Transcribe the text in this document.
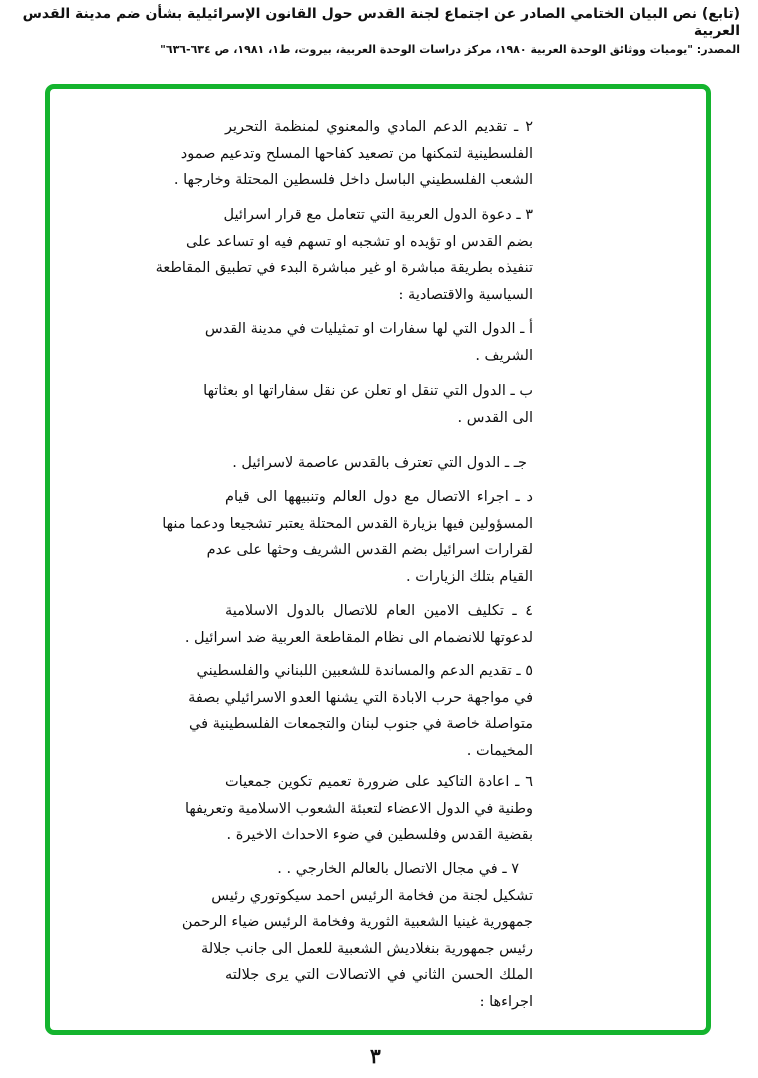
(تابع) نص البيان الختامي الصادر عن اجتماع لجنة القدس حول القانون الإسرائيلية بشأن ضم مدينة القدس العربية
المصدر: "يوميات ووثائق الوحدة العربية ١٩٨٠، مركز دراسات الوحدة العربية، بيروت، ط١، ١٩٨١، ص ٦٣٤-٦٣٦"
٢ ـ تقديم الدعم المادي والمعنوي لمنظمة التحرير
الفلسطينية لتمكنها من تصعيد كفاحها المسلح وتدعيم صمود
الشعب الفلسطيني الباسل داخل فلسطين المحتلة وخارجها .
٣ ـ دعوة الدول العربية التي تتعامل مع قرار اسرائيل
بضم القدس او تؤيده او تشجبه او تسهم فيه او تساعد على
تنفيذه بطريقة مباشرة او غير مباشرة البدء في تطبيق المقاطعة
السياسية والاقتصادية :
أ ـ الدول التي لها سفارات او تمثيليات في مدينة القدس
الشريف .
ب ـ الدول التي تنقل او تعلن عن نقل سفاراتها او بعثاتها
الى القدس .
جـ ـ الدول التي تعترف بالقدس عاصمة لاسرائيل .
د ـ اجراء الاتصال مع دول العالم وتنبيهها الى قيام
المسؤولين فيها بزيارة القدس المحتلة يعتبر تشجيعا ودعما منها
لقرارات اسرائيل بضم القدس الشريف وحثها على عدم
القيام بتلك الزيارات .
٤ ـ تكليف الامين العام للاتصال بالدول الاسلامية
لدعوتها للانضمام الى نظام المقاطعة العربية ضد اسرائيل .
٥ ـ تقديم الدعم والمساندة للشعبين اللبناني والفلسطيني
في مواجهة حرب الابادة التي يشنها العدو الاسرائيلي بصفة
متواصلة خاصة في جنوب لبنان والتجمعات الفلسطينية في
المخيمات .
٦ ـ اعادة التاكيد على ضرورة تعميم تكوين جمعيات
وطنية في الدول الاعضاء لتعبئة الشعوب الاسلامية وتعريفها
بقضية القدس وفلسطين في ضوء الاحداث الاخيرة .
٧ ـ في مجال الاتصال بالعالم الخارجي . .
تشكيل لجنة من فخامة الرئيس احمد سيكوتوري رئيس
جمهورية غينيا الشعبية الثورية وفخامة الرئيس ضياء الرحمن
رئيس جمهورية بنغلاديش الشعبية للعمل الى جانب جلالة
الملك الحسن الثاني في الاتصالات التي يرى جلالته
اجراءها :
٣
